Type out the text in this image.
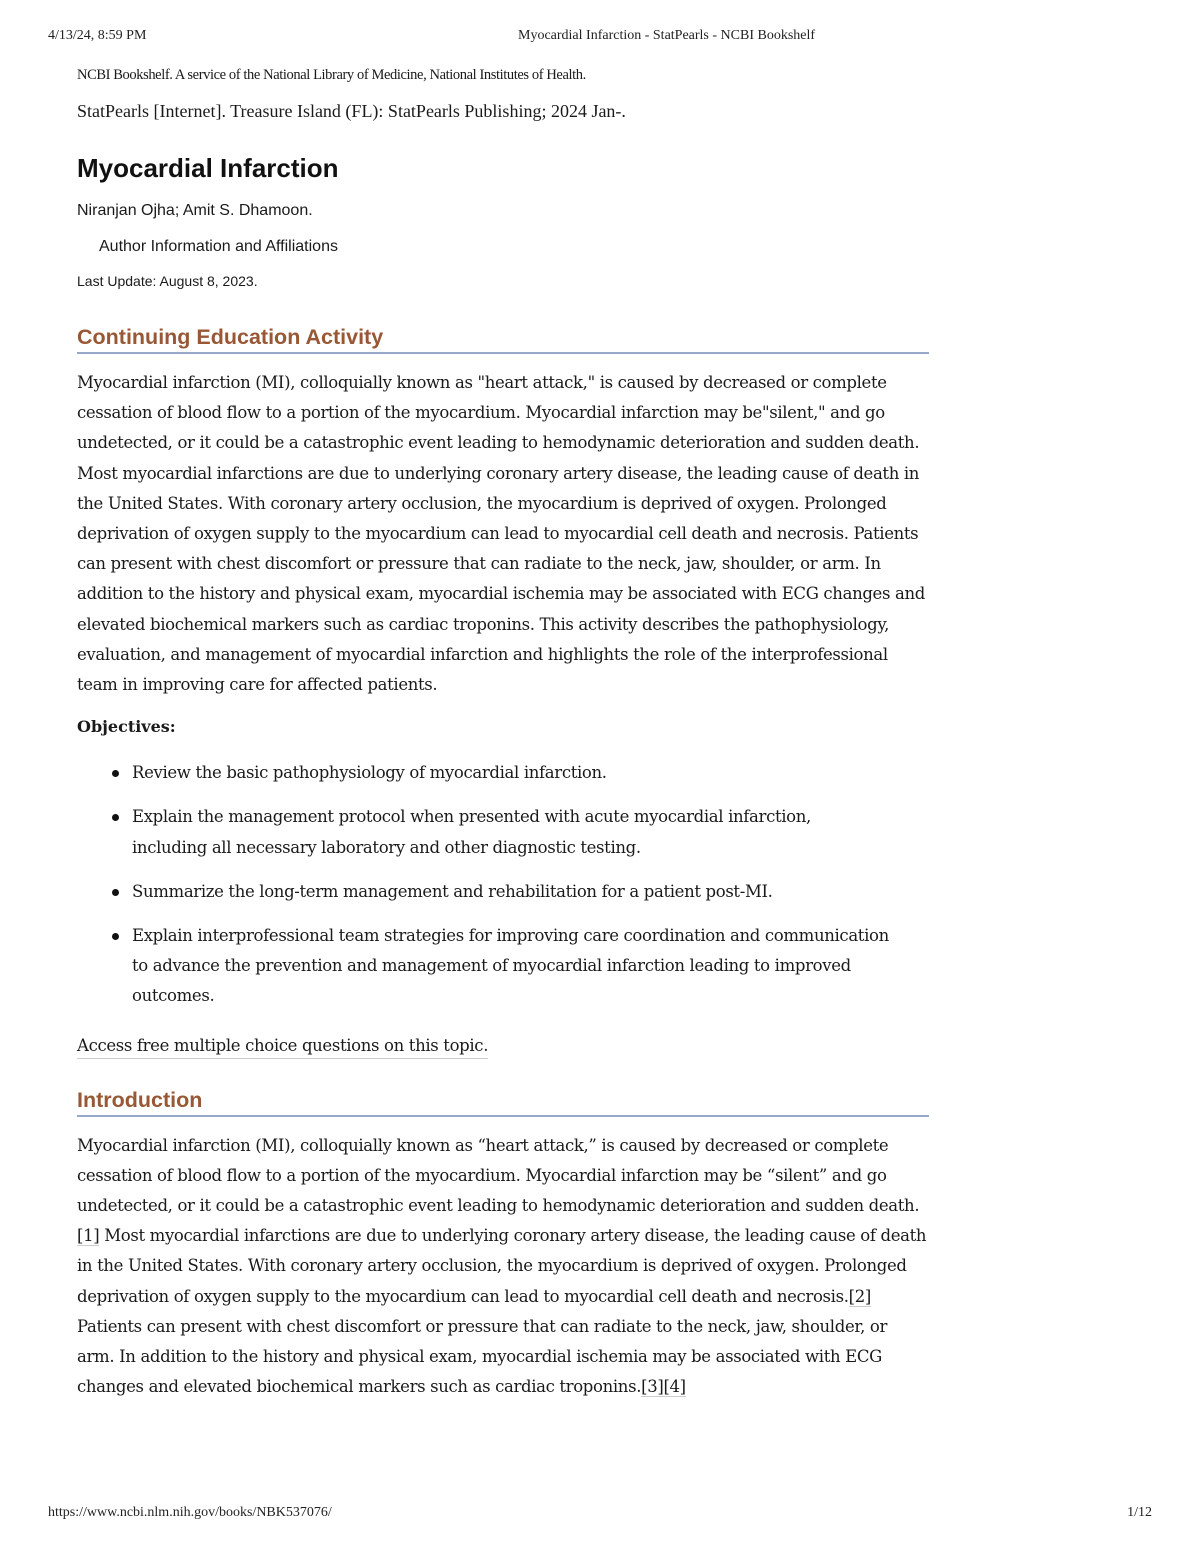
4/13/24, 8:59 PM	Myocardial Infarction - StatPearls - NCBI Bookshelf

NCBI Bookshelf. A service of the National Library of Medicine, National Institutes of Health.

StatPearls [Internet]. Treasure Island (FL): StatPearls Publishing; 2024 Jan-.

Myocardial Infarction

Niranjan Ojha; Amit S. Dhamoon.

Author Information and Affiliations

Last Update: August 8, 2023.

Continuing Education Activity

Myocardial infarction (MI), colloquially known as "heart attack," is caused by decreased or complete cessation of blood flow to a portion of the myocardium. Myocardial infarction may be"silent," and go undetected, or it could be a catastrophic event leading to hemodynamic deterioration and sudden death. Most myocardial infarctions are due to underlying coronary artery disease, the leading cause of death in the United States. With coronary artery occlusion, the myocardium is deprived of oxygen. Prolonged deprivation of oxygen supply to the myocardium can lead to myocardial cell death and necrosis. Patients can present with chest discomfort or pressure that can radiate to the neck, jaw, shoulder, or arm. In addition to the history and physical exam, myocardial ischemia may be associated with ECG changes and elevated biochemical markers such as cardiac troponins. This activity describes the pathophysiology, evaluation, and management of myocardial infarction and highlights the role of the interprofessional team in improving care for affected patients.

Objectives:

Review the basic pathophysiology of myocardial infarction.
Explain the management protocol when presented with acute myocardial infarction, including all necessary laboratory and other diagnostic testing.
Summarize the long-term management and rehabilitation for a patient post-MI.
Explain interprofessional team strategies for improving care coordination and communication to advance the prevention and management of myocardial infarction leading to improved outcomes.
Access free multiple choice questions on this topic.
Introduction

Myocardial infarction (MI), colloquially known as “heart attack,” is caused by decreased or complete cessation of blood flow to a portion of the myocardium. Myocardial infarction may be “silent” and go undetected, or it could be a catastrophic event leading to hemodynamic deterioration and sudden death.[1] Most myocardial infarctions are due to underlying coronary artery disease, the leading cause of death in the United States. With coronary artery occlusion, the myocardium is deprived of oxygen. Prolonged deprivation of oxygen supply to the myocardium can lead to myocardial cell death and necrosis.[2] Patients can present with chest discomfort or pressure that can radiate to the neck, jaw, shoulder, or arm. In addition to the history and physical exam, myocardial ischemia may be associated with ECG changes and elevated biochemical markers such as cardiac troponins.[3][4]

https://www.ncbi.nlm.nih.gov/books/NBK537076/	1/12
